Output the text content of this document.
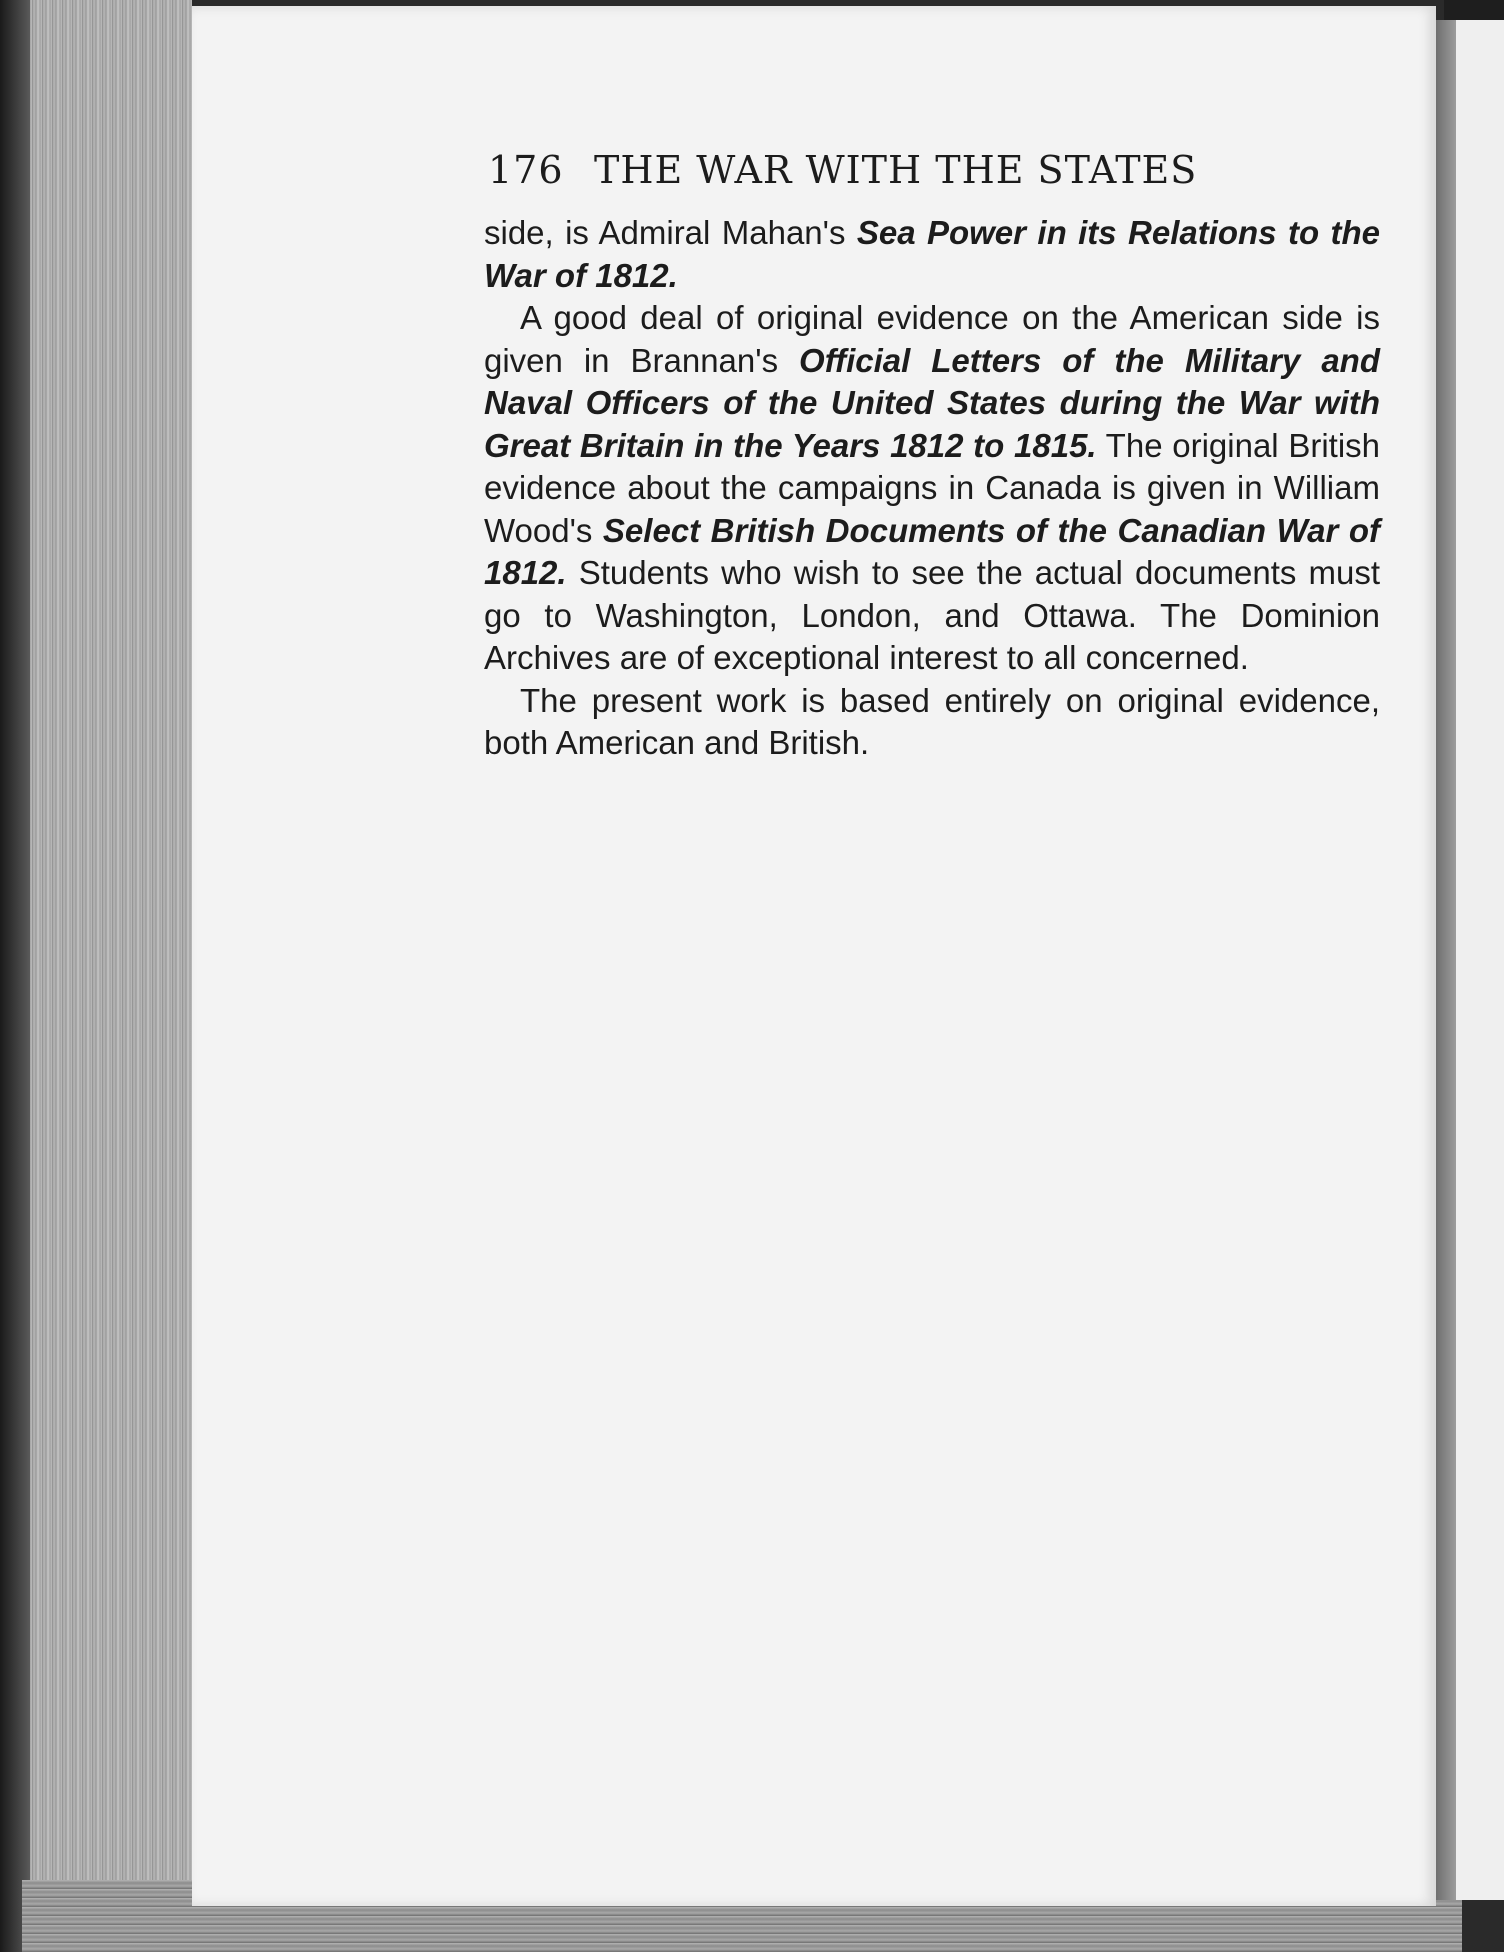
176 THE WAR WITH THE STATES

side, is Admiral Mahan's Sea Power in its Relations to the War of 1812.

A good deal of original evidence on the American side is given in Brannan's Official Letters of the Military and Naval Officers of the United States during the War with Great Britain in the Years 1812 to 1815. The original British evidence about the campaigns in Canada is given in William Wood's Select British Documents of the Canadian War of 1812. Students who wish to see the actual documents must go to Washington, London, and Ottawa. The Dominion Archives are of exceptional interest to all concerned.

The present work is based entirely on original evidence, both American and British.
